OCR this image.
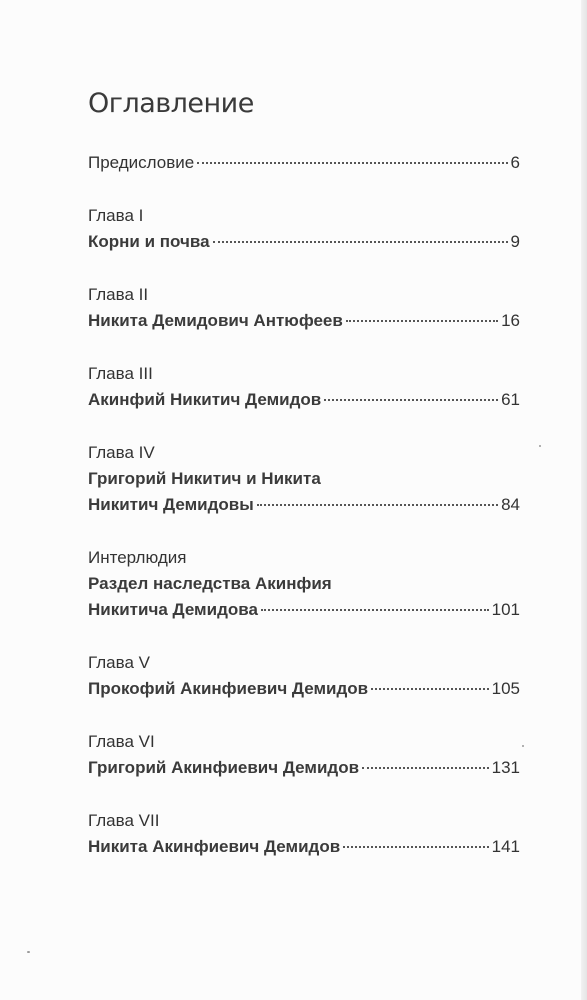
Оглавление
Предисловие	6
Глава I
Корни и почва	9
Глава II
Никита Демидович Антюфеев	16
Глава III
Акинфий Никитич Демидов	61
Глава IV
Григорий Никитич и Никита
Никитич Демидовы	84
Интерлюдия
Раздел наследства Акинфия
Никитича Демидова	101
Глава V
Прокофий Акинфиевич Демидов	105
Глава VI
Григорий Акинфиевич Демидов	131
Глава VII
Никита Акинфиевич Демидов	141
